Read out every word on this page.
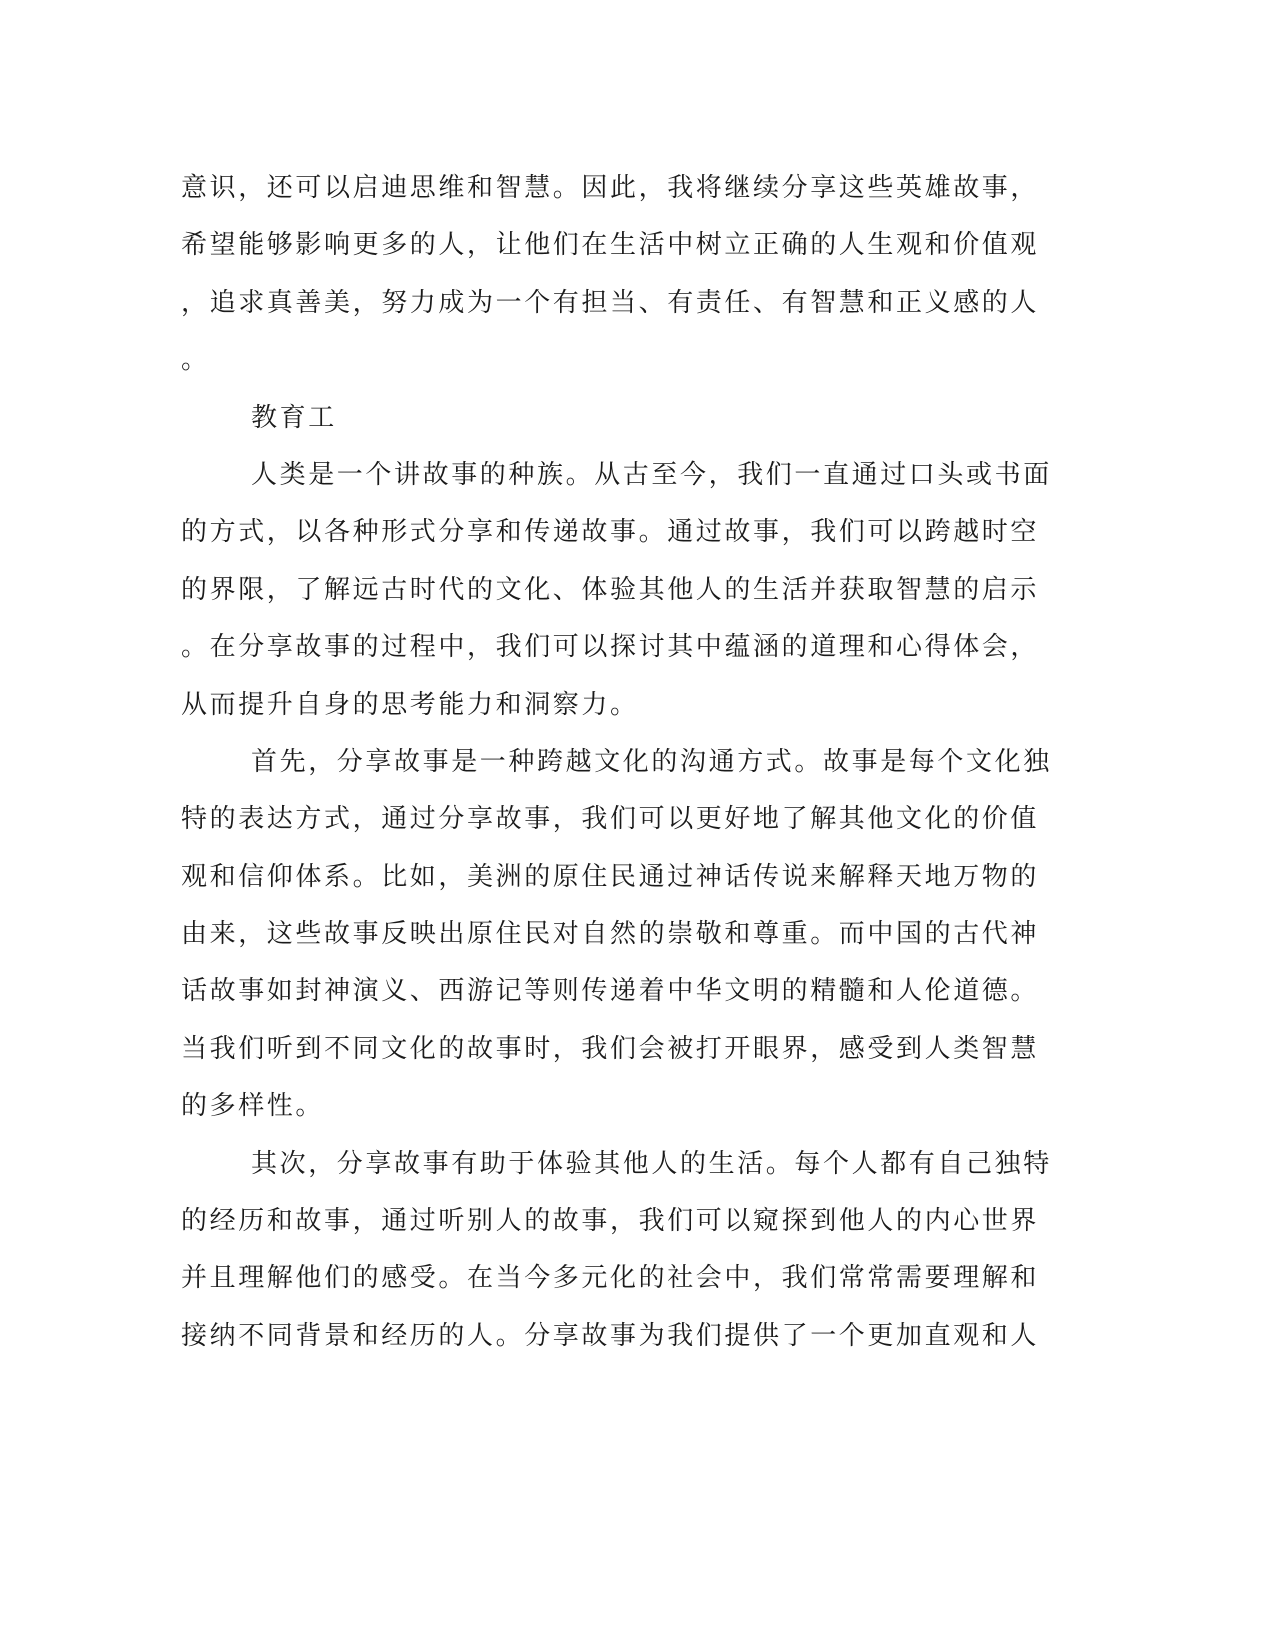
意识，还可以启迪思维和智慧。因此，我将继续分享这些英雄故事，
希望能够影响更多的人，让他们在生活中树立正确的人生观和价值观
，追求真善美，努力成为一个有担当、有责任、有智慧和正义感的人
。
教育工
人类是一个讲故事的种族。从古至今，我们一直通过口头或书面
的方式，以各种形式分享和传递故事。通过故事，我们可以跨越时空
的界限，了解远古时代的文化、体验其他人的生活并获取智慧的启示
。在分享故事的过程中，我们可以探讨其中蕴涵的道理和心得体会，
从而提升自身的思考能力和洞察力。
首先，分享故事是一种跨越文化的沟通方式。故事是每个文化独
特的表达方式，通过分享故事，我们可以更好地了解其他文化的价值
观和信仰体系。比如，美洲的原住民通过神话传说来解释天地万物的
由来，这些故事反映出原住民对自然的崇敬和尊重。而中国的古代神
话故事如封神演义、西游记等则传递着中华文明的精髓和人伦道德。
当我们听到不同文化的故事时，我们会被打开眼界，感受到人类智慧
的多样性。
其次，分享故事有助于体验其他人的生活。每个人都有自己独特
的经历和故事，通过听别人的故事，我们可以窥探到他人的内心世界
并且理解他们的感受。在当今多元化的社会中，我们常常需要理解和
接纳不同背景和经历的人。分享故事为我们提供了一个更加直观和人
